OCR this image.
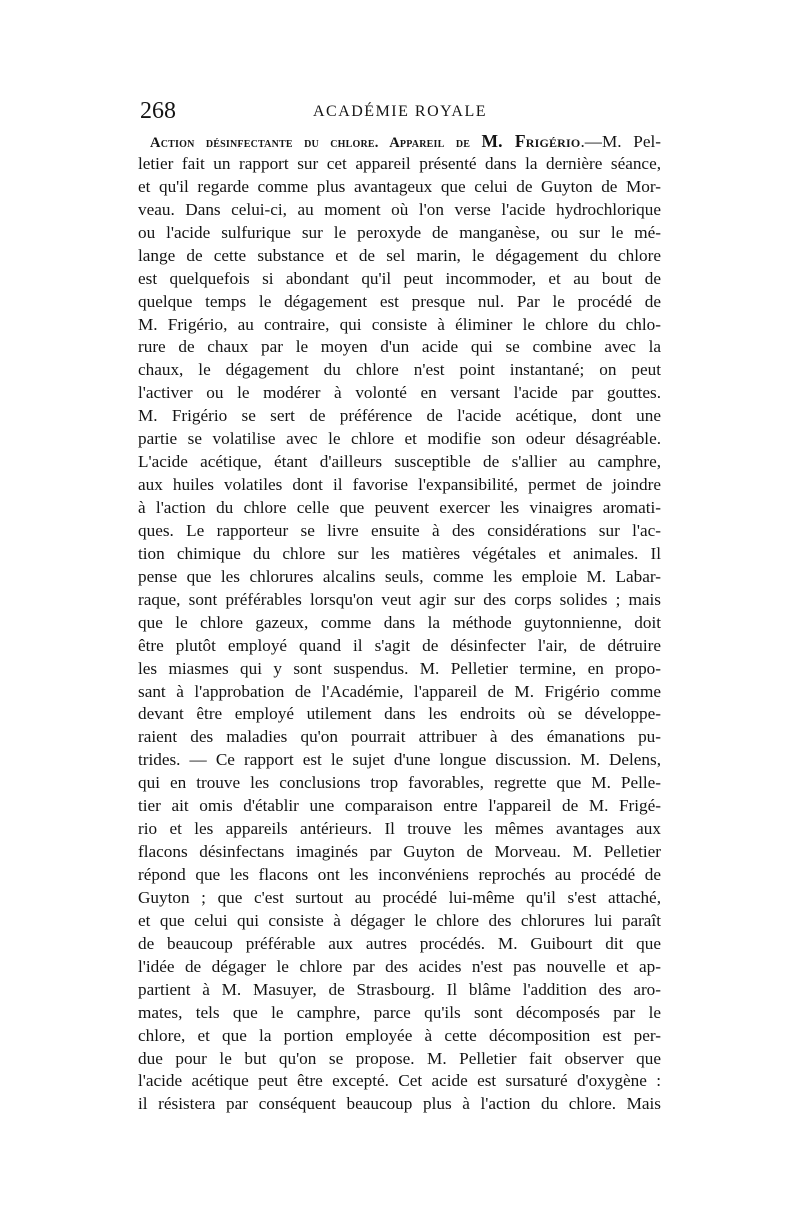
268	ACADÉMIE ROYALE
Action désinfectante du chlore. Appareil de M. Frigério.—M. Pel-
letier fait un rapport sur cet appareil présenté dans la dernière séance,
et qu'il regarde comme plus avantageux que celui de Guyton de Mor-
veau. Dans celui-ci, au moment où l'on verse l'acide hydrochlorique
ou l'acide sulfurique sur le peroxyde de manganèse, ou sur le mé-
lange de cette substance et de sel marin, le dégagement du chlore
est quelquefois si abondant qu'il peut incommoder, et au bout de
quelque temps le dégagement est presque nul. Par le procédé de
M. Frigério, au contraire, qui consiste à éliminer le chlore du chlo-
rure de chaux par le moyen d'un acide qui se combine avec la
chaux, le dégagement du chlore n'est point instantané; on peut
l'activer ou le modérer à volonté en versant l'acide par gouttes.
M. Frigério se sert de préférence de l'acide acétique, dont une
partie se volatilise avec le chlore et modifie son odeur désagréable.
L'acide acétique, étant d'ailleurs susceptible de s'allier au camphre,
aux huiles volatiles dont il favorise l'expansibilité, permet de joindre
à l'action du chlore celle que peuvent exercer les vinaigres aromati-
ques. Le rapporteur se livre ensuite à des considérations sur l'ac-
tion chimique du chlore sur les matières végétales et animales. Il
pense que les chlorures alcalins seuls, comme les emploie M. Labar-
raque, sont préférables lorsqu'on veut agir sur des corps solides ; mais
que le chlore gazeux, comme dans la méthode guytonnienne, doit
être plutôt employé quand il s'agit de désinfecter l'air, de détruire
les miasmes qui y sont suspendus. M. Pelletier termine, en propo-
sant à l'approbation de l'Académie, l'appareil de M. Frigério comme
devant être employé utilement dans les endroits où se développe-
raient des maladies qu'on pourrait attribuer à des émanations pu-
trides. — Ce rapport est le sujet d'une longue discussion. M. Delens,
qui en trouve les conclusions trop favorables, regrette que M. Pelle-
tier ait omis d'établir une comparaison entre l'appareil de M. Frigé-
rio et les appareils antérieurs. Il trouve les mêmes avantages aux
flacons désinfectans imaginés par Guyton de Morveau. M. Pelletier
répond que les flacons ont les inconvéniens reprochés au procédé de
Guyton ; que c'est surtout au procédé lui-même qu'il s'est attaché,
et que celui qui consiste à dégager le chlore des chlorures lui paraît
de beaucoup préférable aux autres procédés. M. Guibourt dit que
l'idée de dégager le chlore par des acides n'est pas nouvelle et ap-
partient à M. Masuyer, de Strasbourg. Il blâme l'addition des aro-
mates, tels que le camphre, parce qu'ils sont décomposés par le
chlore, et que la portion employée à cette décomposition est per-
due pour le but qu'on se propose. M. Pelletier fait observer que
l'acide acétique peut être excepté. Cet acide est sursaturé d'oxygène :
il résistera par conséquent beaucoup plus à l'action du chlore. Mais
